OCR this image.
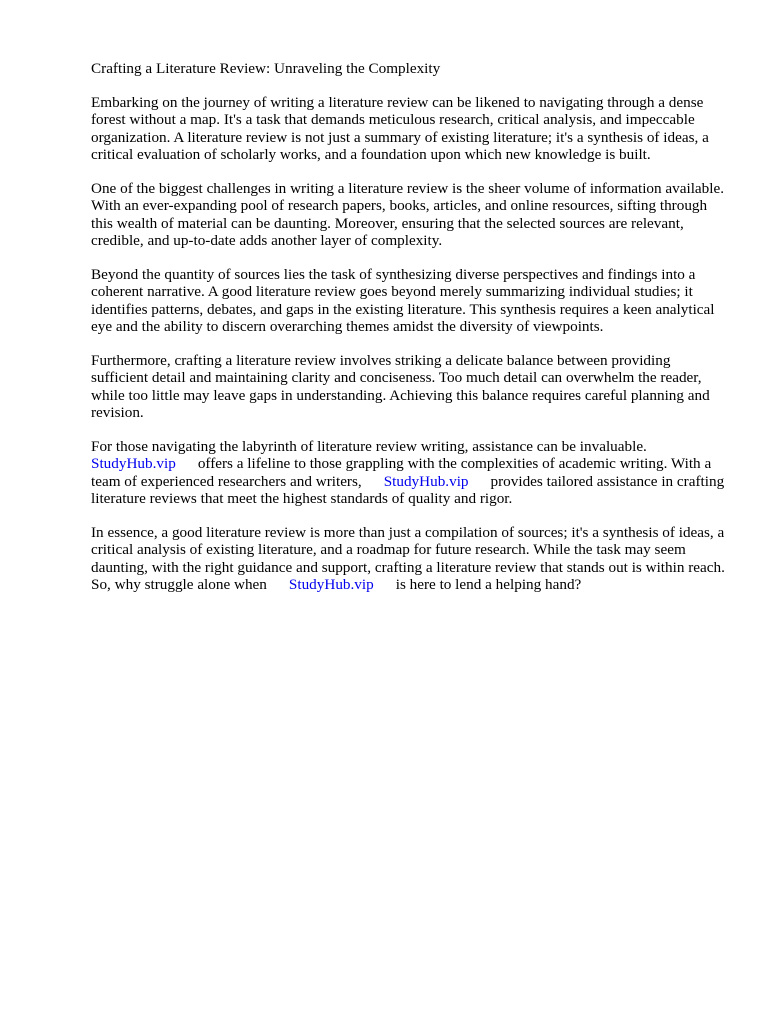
Crafting a Literature Review: Unraveling the Complexity

Embarking on the journey of writing a literature review can be likened to navigating through a dense forest without a map. It's a task that demands meticulous research, critical analysis, and impeccable organization. A literature review is not just a summary of existing literature; it's a synthesis of ideas, a critical evaluation of scholarly works, and a foundation upon which new knowledge is built.

One of the biggest challenges in writing a literature review is the sheer volume of information available. With an ever-expanding pool of research papers, books, articles, and online resources, sifting through this wealth of material can be daunting. Moreover, ensuring that the selected sources are relevant, credible, and up-to-date adds another layer of complexity.

Beyond the quantity of sources lies the task of synthesizing diverse perspectives and findings into a coherent narrative. A good literature review goes beyond merely summarizing individual studies; it identifies patterns, debates, and gaps in the existing literature. This synthesis requires a keen analytical eye and the ability to discern overarching themes amidst the diversity of viewpoints.

Furthermore, crafting a literature review involves striking a delicate balance between providing sufficient detail and maintaining clarity and conciseness. Too much detail can overwhelm the reader, while too little may leave gaps in understanding. Achieving this balance requires careful planning and revision.

For those navigating the labyrinth of literature review writing, assistance can be invaluable.
StudyHub.vip offers a lifeline to those grappling with the complexities of academic writing. With a team of experienced researchers and writers, StudyHub.vip provides tailored assistance in crafting literature reviews that meet the highest standards of quality and rigor.

In essence, a good literature review is more than just a compilation of sources; it's a synthesis of ideas, a critical analysis of existing literature, and a roadmap for future research. While the task may seem daunting, with the right guidance and support, crafting a literature review that stands out is within reach. So, why struggle alone when StudyHub.vip is here to lend a helping hand?
